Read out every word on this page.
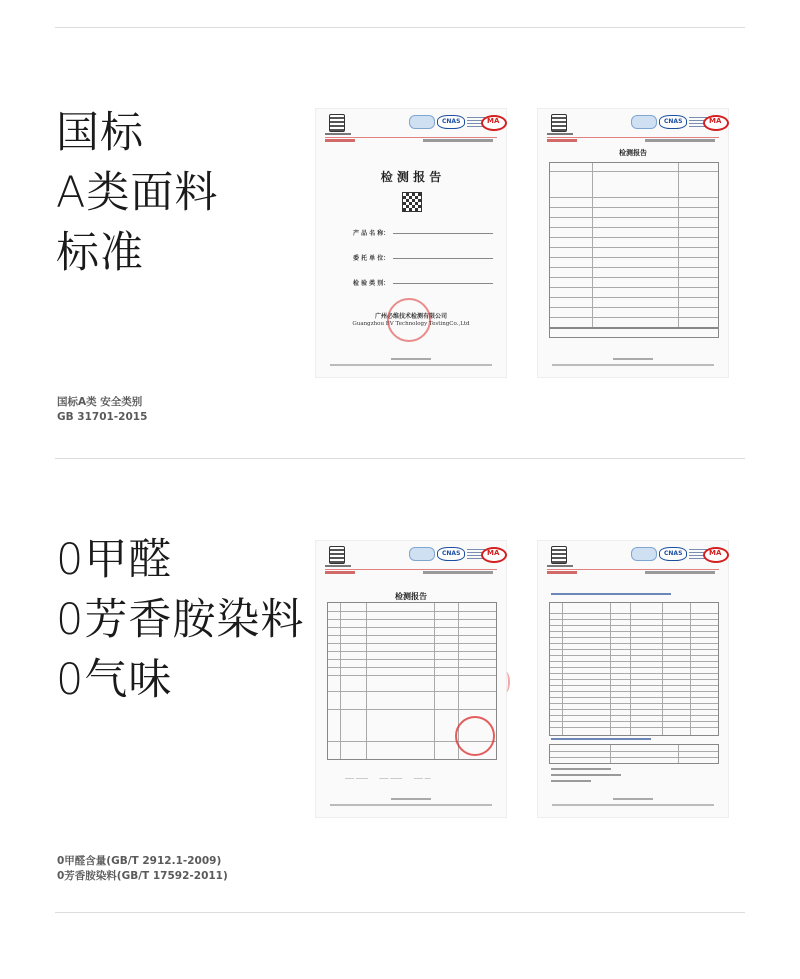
国标
A类面料
标准
国标A类 安全类别
GB 31701-2015
CNAS	MA
检 测 报 告
产 品 名 称：
委 托 单 位：
检 验 类 别：
广州必维技术检测有限公司
Guangzhou BV Technology TestingCo.,Ltd
CNAS	MA
检测报告
0甲醛
0芳香胺染料
0气味
0甲醛含量(GB/T 2912.1-2009)
0芳香胺染料(GB/T 17592-2011)
CNAS	MA
检测报告
___ ____      ___ ____      ___ __
CNAS	MA
